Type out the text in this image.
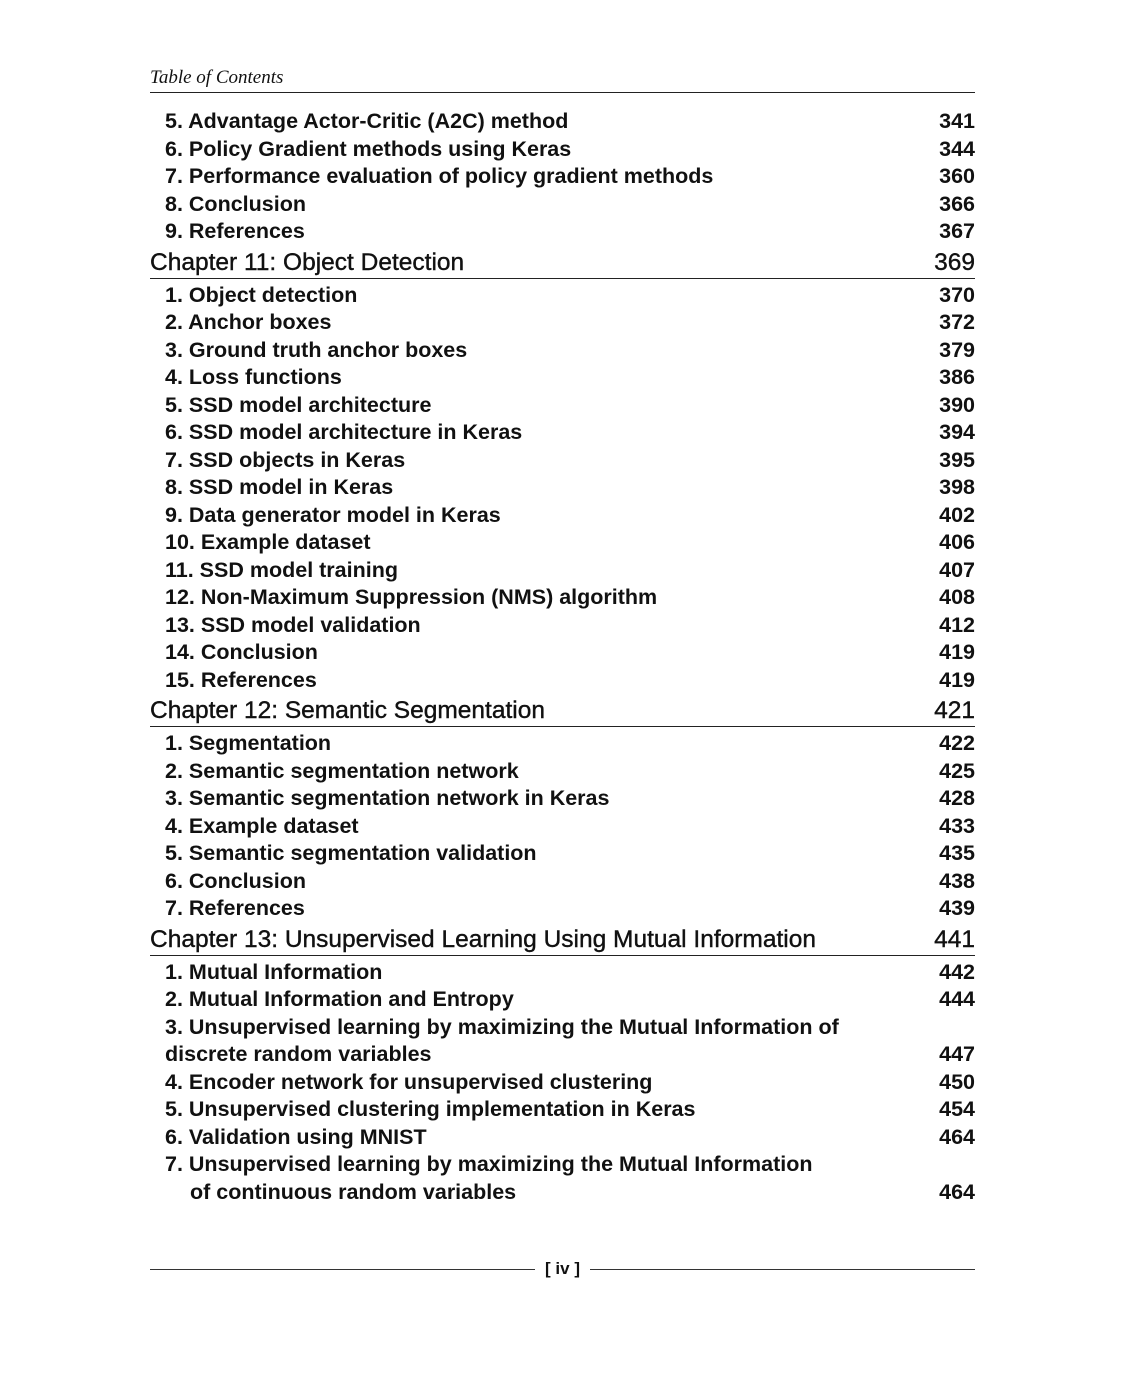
Table of Contents
5. Advantage Actor-Critic (A2C) method	341
6. Policy Gradient methods using Keras	344
7. Performance evaluation of policy gradient methods	360
8. Conclusion	366
9. References	367
Chapter 11: Object Detection	369
1. Object detection	370
2. Anchor boxes	372
3. Ground truth anchor boxes	379
4. Loss functions	386
5. SSD model architecture	390
6. SSD model architecture in Keras	394
7. SSD objects in Keras	395
8. SSD model in Keras	398
9. Data generator model in Keras	402
10. Example dataset	406
11. SSD model training	407
12. Non-Maximum Suppression (NMS) algorithm	408
13. SSD model validation	412
14. Conclusion	419
15. References	419
Chapter 12: Semantic Segmentation	421
1. Segmentation	422
2. Semantic segmentation network	425
3. Semantic segmentation network in Keras	428
4. Example dataset	433
5. Semantic segmentation validation	435
6. Conclusion	438
7. References	439
Chapter 13: Unsupervised Learning Using Mutual Information	441
1. Mutual Information	442
2. Mutual Information and Entropy	444
3. Unsupervised learning by maximizing the Mutual Information of
discrete random variables	447
4. Encoder network for unsupervised clustering	450
5. Unsupervised clustering implementation in Keras	454
6. Validation using MNIST	464
7. Unsupervised learning by maximizing the Mutual Information
of continuous random variables	464
[ iv ]
